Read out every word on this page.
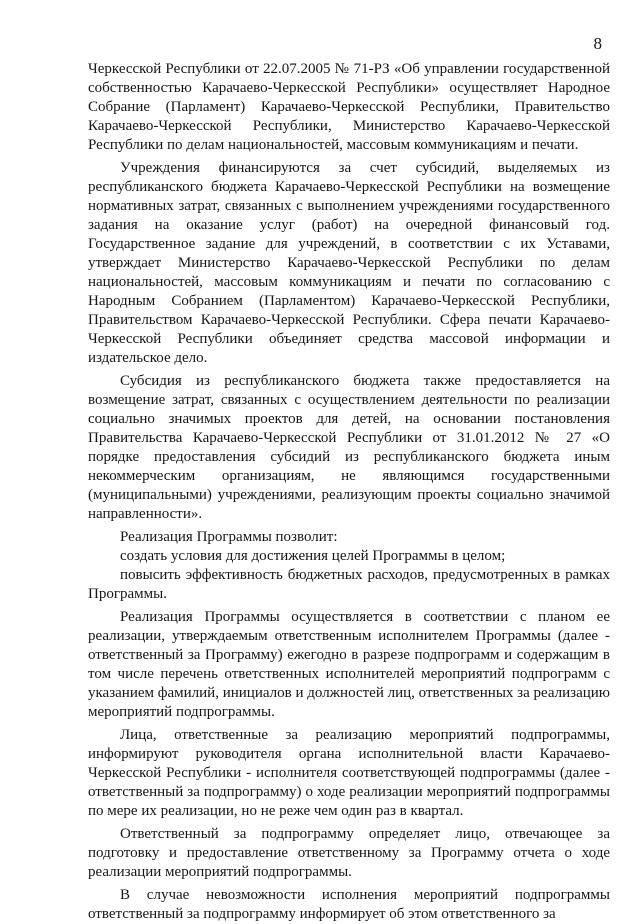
8

Черкесской Республики от 22.07.2005 № 71-РЗ «Об управлении государственной собственностью Карачаево-Черкесской Республики» осуществляет Народное Собрание (Парламент) Карачаево-Черкесской Республики, Правительство Карачаево-Черкесской Республики, Министерство Карачаево-Черкесской Республики по делам национальностей, массовым коммуникациям и печати.

Учреждения финансируются за счет субсидий, выделяемых из республиканского бюджета Карачаево-Черкесской Республики на возмещение нормативных затрат, связанных с выполнением учреждениями государственного задания на оказание услуг (работ) на очередной финансовый год. Государственное задание для учреждений, в соответствии с их Уставами, утверждает Министерство Карачаево-Черкесской Республики по делам национальностей, массовым коммуникациям и печати по согласованию с Народным Собранием (Парламентом) Карачаево-Черкесской Республики, Правительством Карачаево-Черкесской Республики. Сфера печати Карачаево-Черкесской Республики объединяет средства массовой информации и издательское дело.

Субсидия из республиканского бюджета также предоставляется на возмещение затрат, связанных с осуществлением деятельности по реализации социально значимых проектов для детей, на основании постановления Правительства Карачаево-Черкесской Республики от 31.01.2012 № 27 «О порядке предоставления субсидий из республиканского бюджета иным некоммерческим организациям, не являющимся государственными (муниципальными) учреждениями, реализующим проекты социально значимой направленности».

Реализация Программы позволит:

создать условия для достижения целей Программы в целом;

повысить эффективность бюджетных расходов, предусмотренных в рамках Программы.

Реализация Программы осуществляется в соответствии с планом ее реализации, утверждаемым ответственным исполнителем Программы (далее - ответственный за Программу) ежегодно в разрезе подпрограмм и содержащим в том числе перечень ответственных исполнителей мероприятий подпрограмм с указанием фамилий, инициалов и должностей лиц, ответственных за реализацию мероприятий подпрограммы.

Лица, ответственные за реализацию мероприятий подпрограммы, информируют руководителя органа исполнительной власти Карачаево-Черкесской Республики - исполнителя соответствующей подпрограммы (далее - ответственный за подпрограмму) о ходе реализации мероприятий подпрограммы по мере их реализации, но не реже чем один раз в квартал.

Ответственный за подпрограмму определяет лицо, отвечающее за подготовку и предоставление ответственному за Программу отчета о ходе реализации мероприятий подпрограммы.

В случае невозможности исполнения мероприятий подпрограммы ответственный за подпрограмму информирует об этом ответственного за
